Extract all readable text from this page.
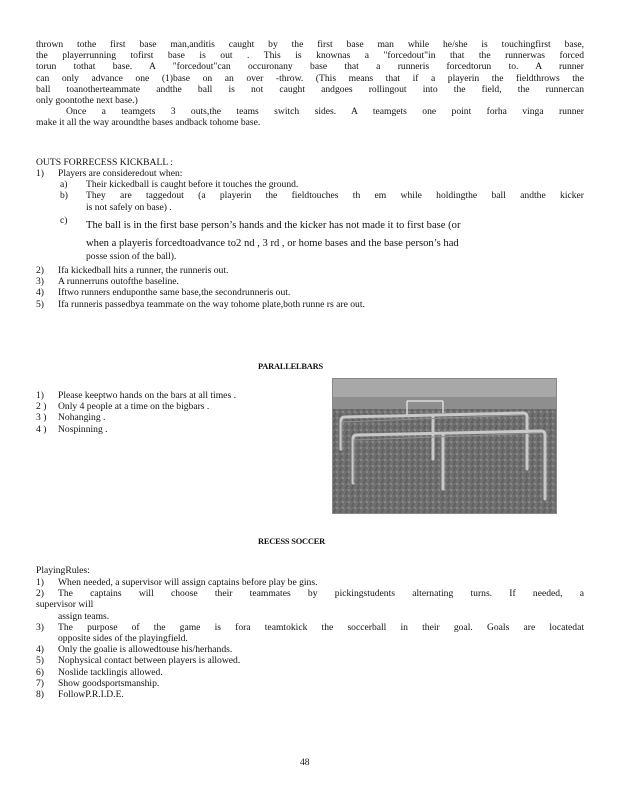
thrown tothe first base man,anditis caught by the first base man while he/she is touchingfirst base,
the playerrunning tofirst base is out . This is knownas a "forcedout"in that the runnerwas forced
torun tothat base. A "forcedout"can occuronany base that a runneris forcedtorun to. A runner
can only advance one (1)base on an over -throw. (This means that if a playerin the fieldthrows the
ball toanotherteammate andthe ball is not caught andgoes rollingout into the field, the runnercan
only goontothe next base.)
Once a teamgets 3 outs,the teams switch sides. A teamgets one point forha vinga runner
make it all the way aroundthe bases andback tohome base.
OUTS FORRECESS KICKBALL :
1) Players are consideredout when:
a) Their kickedball is caught before it touches the ground.
b) They are taggedout (a playerin the fieldtouches th em while holdingthe ball andthe kicker
is not safely on base) .
c) The ball is in the first base person’s hands and the kicker has not made it to first base (or
when a playeris forcedtoadvance to2 nd , 3 rd , or home bases and the base person’s had
posse ssion of the ball).
2) Ifa kickedball hits a runner, the runneris out.
3) A runnerruns outofthe baseline.
4) Iftwo runners enduponthe same base,the secondrunneris out.
5) Ifa runneris passedbya teammate on the way tohome plate,both runne rs are out.
PARALLELBARS
1) Please keeptwo hands on the bars at all times .
2 ) Only 4 people at a time on the bigbars .
3 ) Nohanging .
4 ) Nospinning .
RECESS SOCCER
PlayingRules:
1) When needed, a supervisor will assign captains before play be gins.
2) The captains will choose their teammates by pickingstudents alternating turns. If needed, a
supervisor will
assign teams.
3) The purpose of the game is fora teamtokick the soccerball in their goal. Goals are locatedat
opposite sides of the playingfield.
4) Only the goalie is allowedtouse his/herhands.
5) Nophysical contact between players is allowed.
6) Noslide tacklingis allowed.
7) Show goodsportsmanship.
8) FollowP.R.I.D.E.
48
